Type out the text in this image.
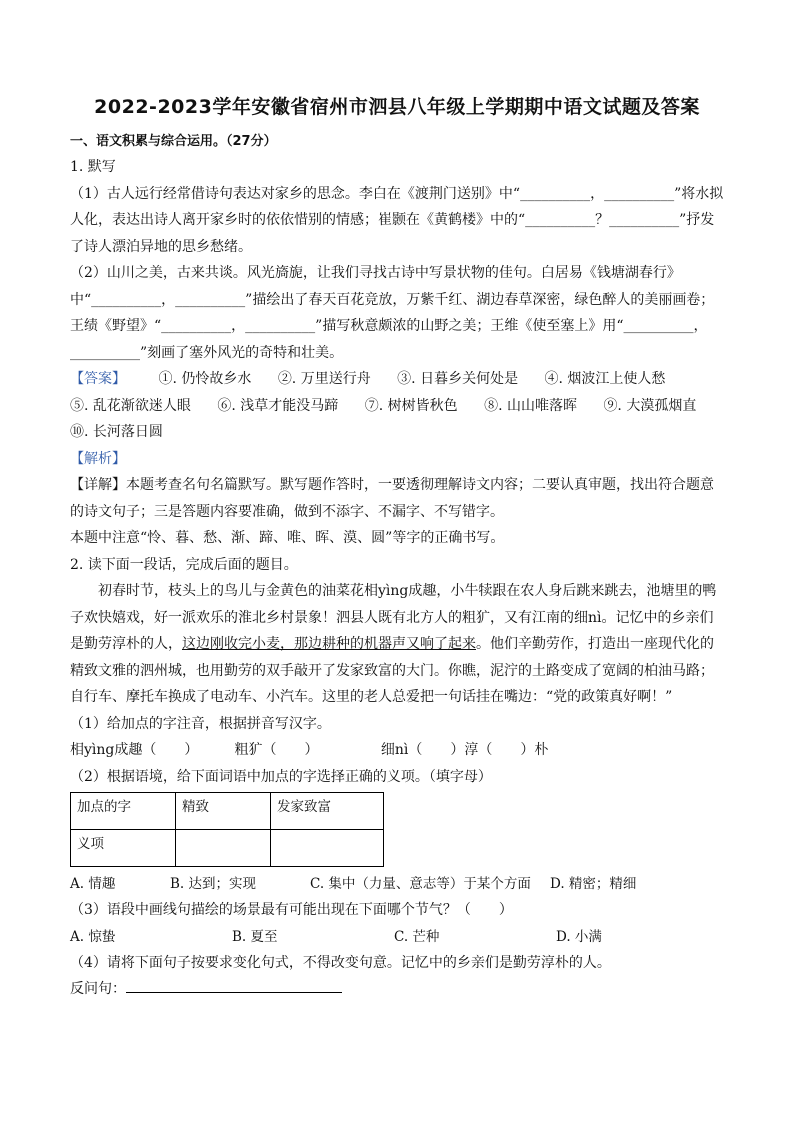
2022-2023学年安徽省宿州市泗县八年级上学期期中语文试题及答案
一、语文积累与综合运用。（27分）

1. 默写

（1）古人远行经常借诗句表达对家乡的思念。李白在《渡荆门送别》中“__________，__________”将水拟人化，表达出诗人离开家乡时的依依惜别的情感；崔颢在《黄鹤楼》中的“__________？__________”抒发了诗人漂泊异地的思乡愁绪。

（2）山川之美，古来共谈。风光旖旎，让我们寻找古诗中写景状物的佳句。白居易《钱塘湖春行》中“__________，__________”描绘出了春天百花竞放，万紫千红、湖边春草深密，绿色醉人的美丽画卷；王绩《野望》“__________，__________”描写秋意颇浓的山野之美；王维《使至塞上》用“__________，__________”刻画了塞外风光的奇特和壮美。

【答案】 ①. 仍怜故乡水 ②. 万里送行舟 ③. 日暮乡关何处是 ④. 烟波江上使人愁 ⑤. 乱花渐欲迷人眼 ⑥. 浅草才能没马蹄 ⑦. 树树皆秋色 ⑧. 山山唯落晖 ⑨. 大漠孤烟直 ⑩. 长河落日圆

【解析】

【详解】本题考查名句名篇默写。默写题作答时，一要透彻理解诗文内容；二要认真审题，找出符合题意的诗文句子；三是答题内容要准确，做到不添字、不漏字、不写错字。

本题中注意“怜、暮、愁、渐、蹄、唯、晖、漠、圆”等字的正确书写。

2. 读下面一段话，完成后面的题目。

初春时节，枝头上的鸟儿与金黄色的油菜花相yìng成趣，小牛犊跟在农人身后跳来跳去，池塘里的鸭子欢快嬉戏，好一派欢乐的淮北乡村景象！泗县人既有北方人的粗犷，又有江南的细nì。记忆中的乡亲们是勤劳淳朴的人，这边刚收完小麦，那边耕种的机器声又响了起来。他们辛勤劳作，打造出一座现代化的精致文雅的泗州城，也用勤劳的双手敲开了发家致富的大门。你瞧，泥泞的土路变成了宽阔的柏油马路；自行车、摩托车换成了电动车、小汽车。这里的老人总爱把一句话挂在嘴边：“党的政策真好啊！”

（1）给加点的字注音，根据拼音写汉字。

相yìng成趣（　　）	粗犷（　　）	细nì（　　）淳（　　）朴

（2）根据语境，给下面词语中加点的字选择正确的义项。（填字母）

加点的字	精致	发家致富
义项		
A. 情趣	B. 达到；实现	C. 集中（力量、意志等）于某个方面	D. 精密；精细

（3）语段中画线句描绘的场景最有可能出现在下面哪个节气？（　　）

A. 惊蛰	B. 夏至	C. 芒种	D. 小满

（4）请将下面句子按要求变化句式，不得改变句意。记忆中的乡亲们是勤劳淳朴的人。

反问句：
